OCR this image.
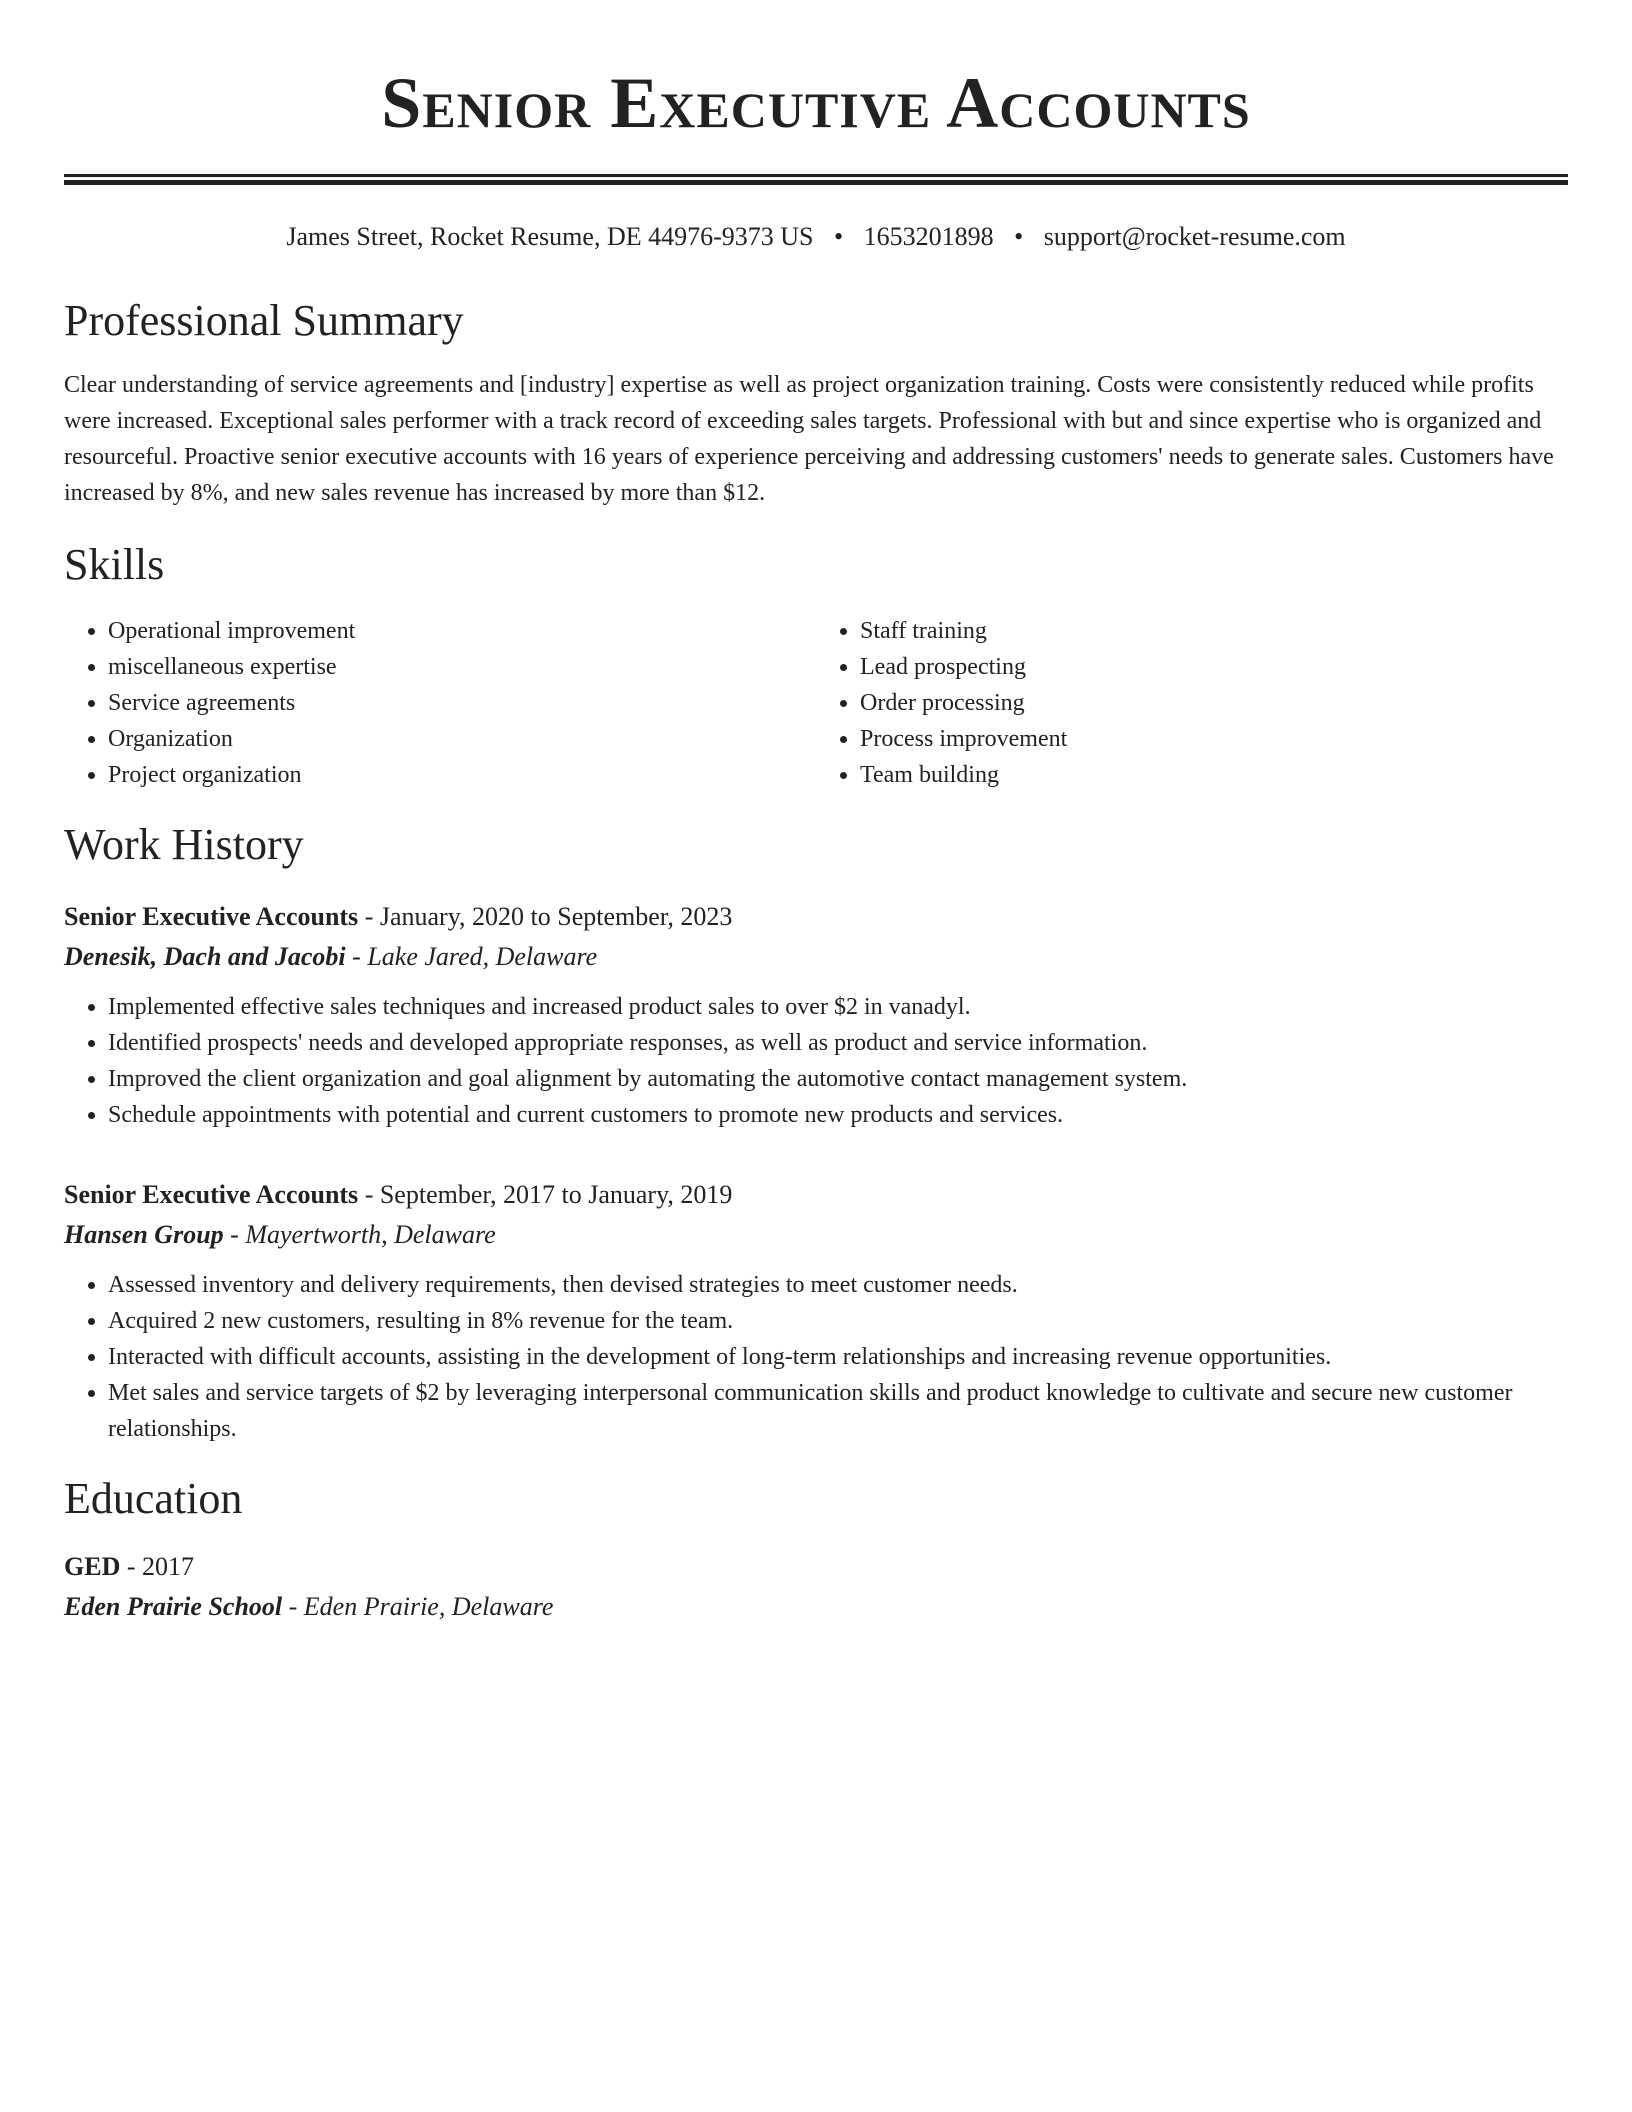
Senior Executive Accounts
James Street, Rocket Resume, DE 44976-9373 US • 1653201898 • support@rocket-resume.com
Professional Summary

Clear understanding of service agreements and [industry] expertise as well as project organization training. Costs were consistently reduced while profits were increased. Exceptional sales performer with a track record of exceeding sales targets. Professional with but and since expertise who is organized and resourceful. Proactive senior executive accounts with 16 years of experience perceiving and addressing customers' needs to generate sales. Customers have increased by 8%, and new sales revenue has increased by more than $12.

Skills
• Operational improvement
• miscellaneous expertise
• Service agreements
• Organization
• Project organization
• Staff training
• Lead prospecting
• Order processing
• Process improvement
• Team building
Work History
Senior Executive Accounts - January, 2020 to September, 2023
Denesik, Dach and Jacobi - Lake Jared, Delaware
• Implemented effective sales techniques and increased product sales to over $2 in vanadyl.
• Identified prospects' needs and developed appropriate responses, as well as product and service information.
• Improved the client organization and goal alignment by automating the automotive contact management system.
• Schedule appointments with potential and current customers to promote new products and services.
Senior Executive Accounts - September, 2017 to January, 2019
Hansen Group - Mayertworth, Delaware
• Assessed inventory and delivery requirements, then devised strategies to meet customer needs.
• Acquired 2 new customers, resulting in 8% revenue for the team.
• Interacted with difficult accounts, assisting in the development of long-term relationships and increasing revenue opportunities.
• Met sales and service targets of $2 by leveraging interpersonal communication skills and product knowledge to cultivate and secure new customer relationships.
Education
GED - 2017
Eden Prairie School - Eden Prairie, Delaware
